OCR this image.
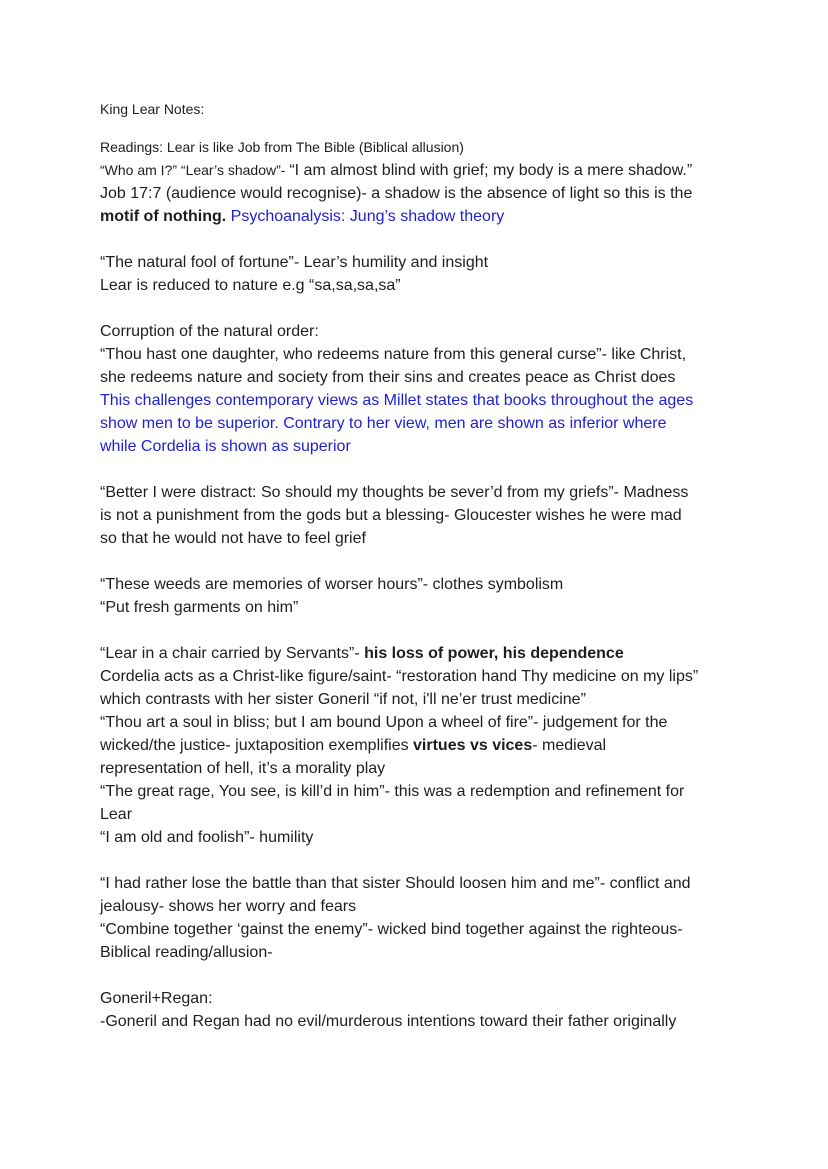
King Lear Notes:
Readings: Lear is like Job from The Bible (Biblical allusion)
“Who am I?” “Lear’s shadow”- “I am almost blind with grief; my body is a mere shadow.”
Job 17:7 (audience would recognise)- a shadow is the absence of light so this is the
motif of nothing. Psychoanalysis: Jung’s shadow theory
“The natural fool of fortune”- Lear’s humility and insight
Lear is reduced to nature e.g “sa,sa,sa,sa”
Corruption of the natural order:
“Thou hast one daughter, who redeems nature from this general curse”- like Christ,
she redeems nature and society from their sins and creates peace as Christ does
This challenges contemporary views as Millet states that books throughout the ages
show men to be superior. Contrary to her view, men are shown as inferior where
while Cordelia is shown as superior
“Better I were distract: So should my thoughts be sever’d from my griefs”- Madness
is not a punishment from the gods but a blessing- Gloucester wishes he were mad
so that he would not have to feel grief
“These weeds are memories of worser hours”- clothes symbolism
“Put fresh garments on him”
“Lear in a chair carried by Servants”- his loss of power, his dependence
Cordelia acts as a Christ-like figure/saint- “restoration hand Thy medicine on my lips”
which contrasts with her sister Goneril “if not, i'll ne’er trust medicine”
“Thou art a soul in bliss; but I am bound Upon a wheel of fire”- judgement for the
wicked/the justice- juxtaposition exemplifies virtues vs vices- medieval
representation of hell, it’s a morality play
“The great rage, You see, is kill’d in him”- this was a redemption and refinement for
Lear
“I am old and foolish”- humility
“I had rather lose the battle than that sister Should loosen him and me”- conflict and
jealousy- shows her worry and fears
“Combine together ‘gainst the enemy”- wicked bind together against the righteous-
Biblical reading/allusion-
Goneril+Regan:
-Goneril and Regan had no evil/murderous intentions toward their father originally
